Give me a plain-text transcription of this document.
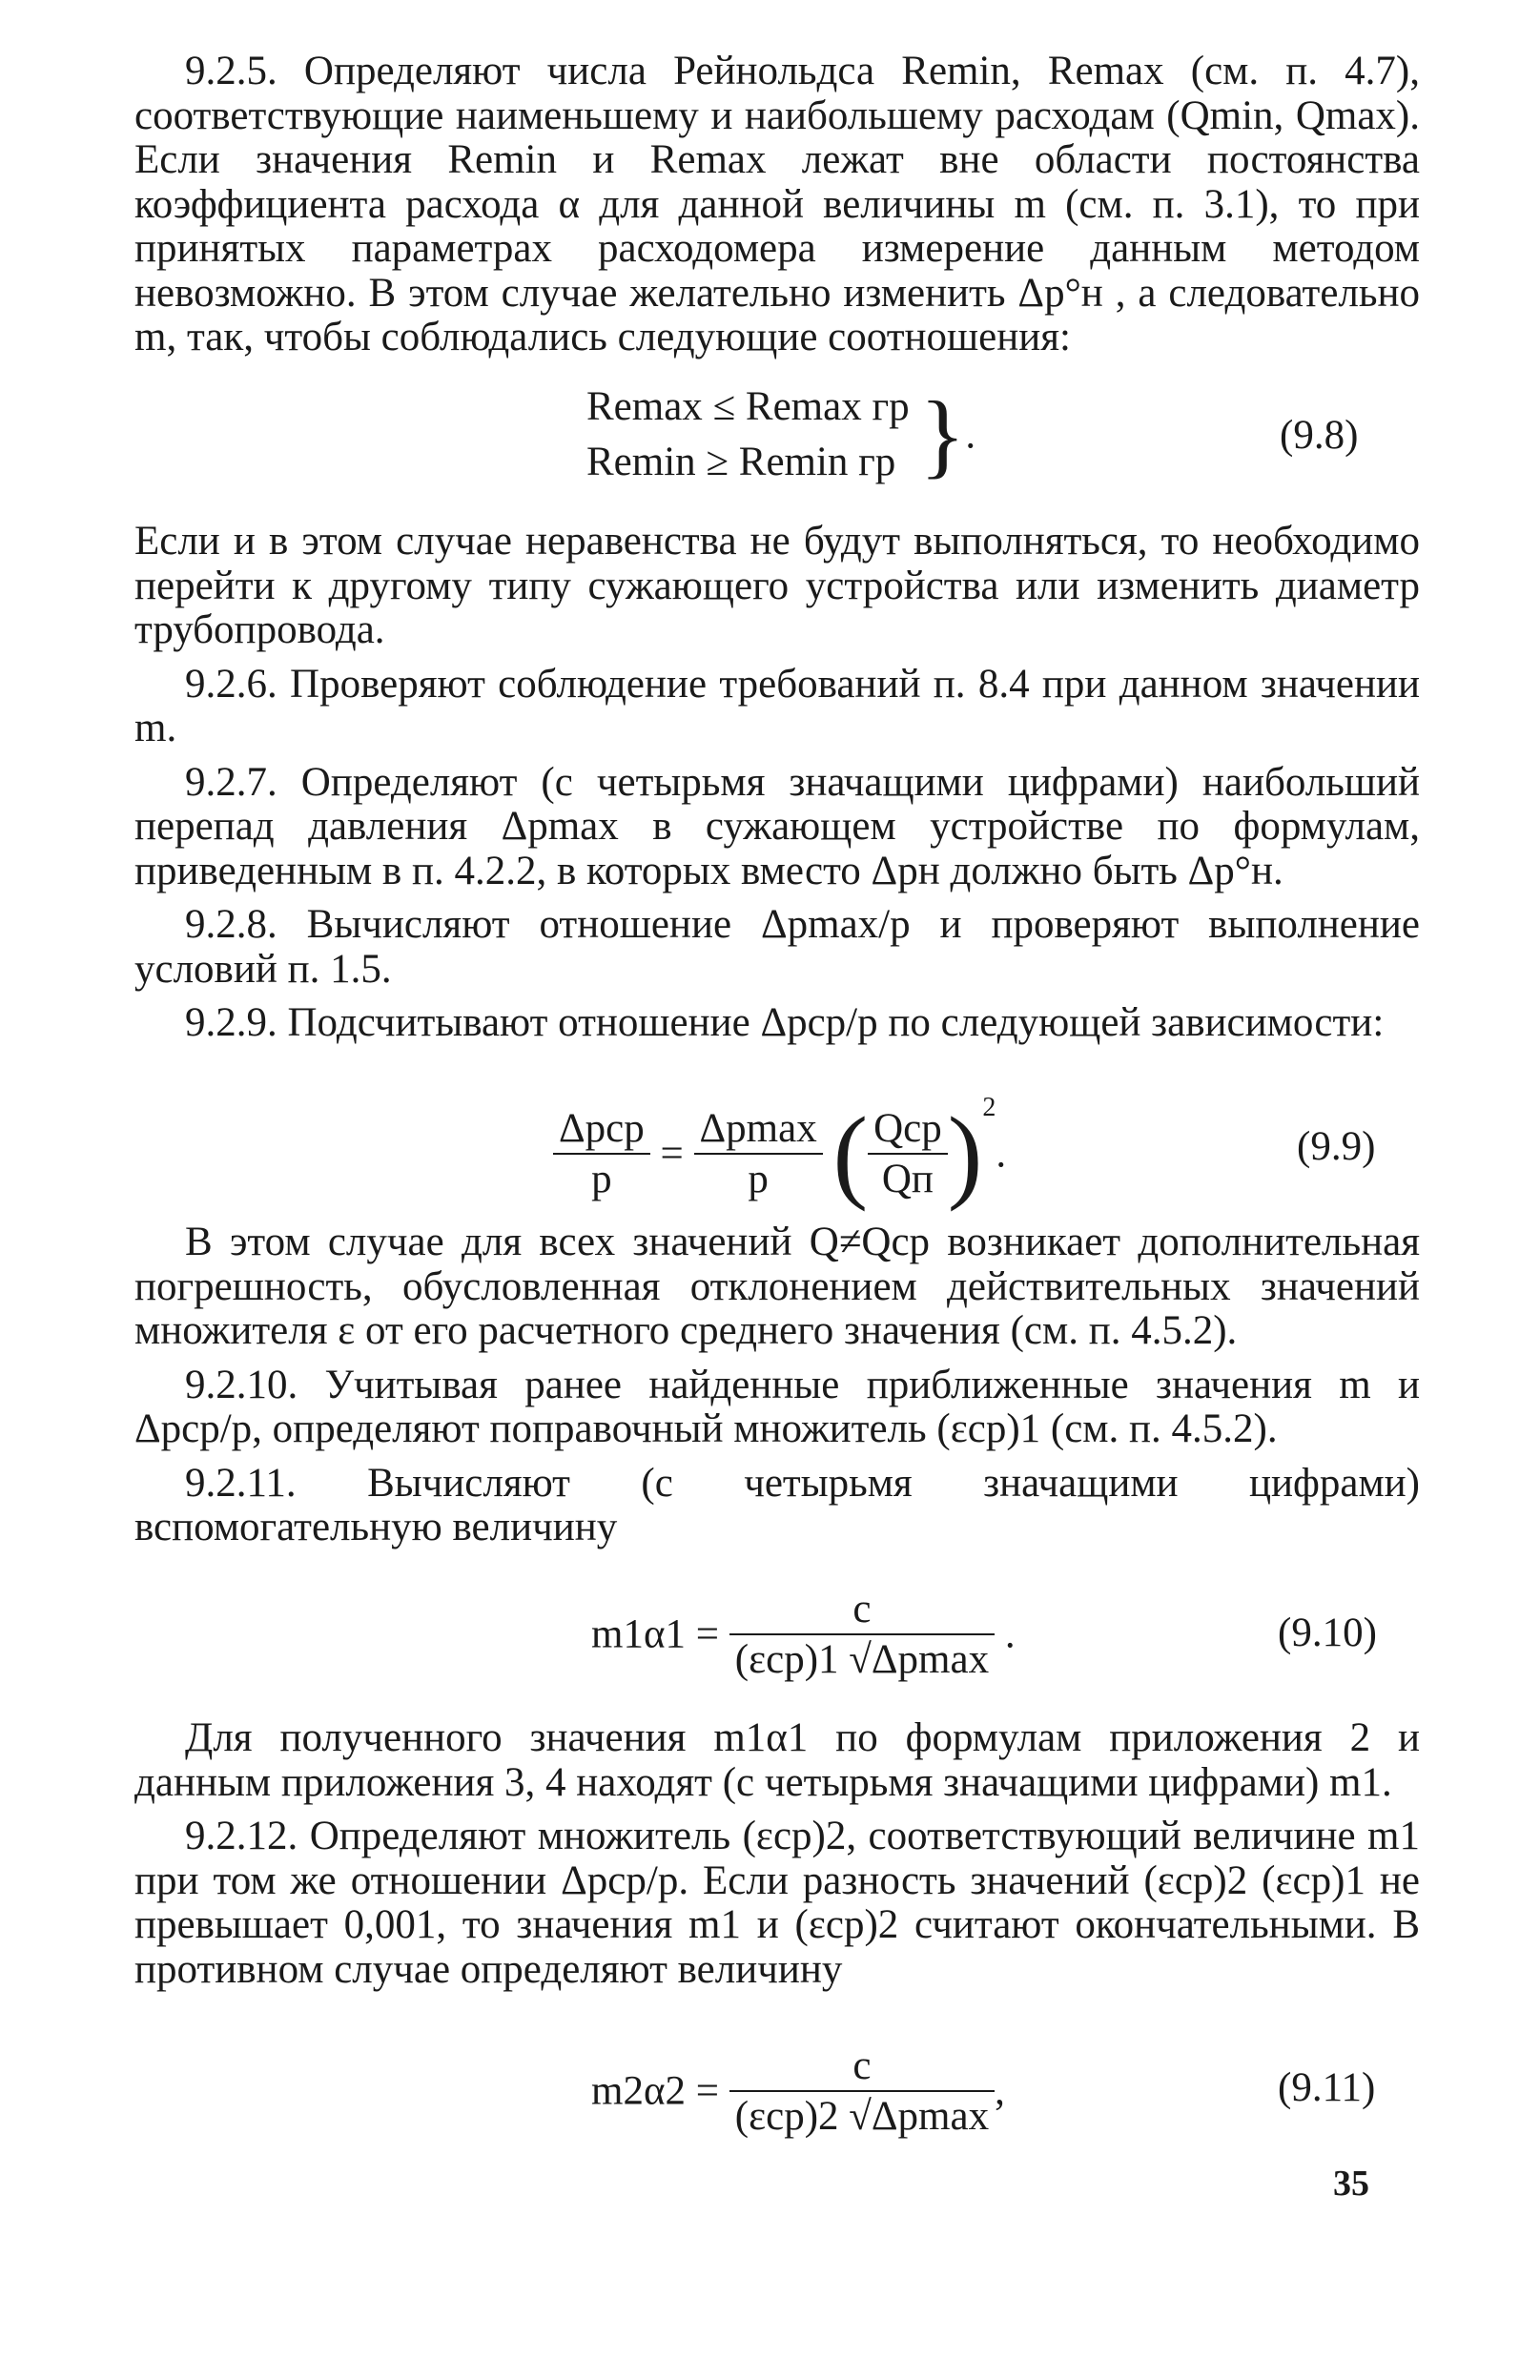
9.2.5. Определяют числа Рейнольдса Remin, Remax (см. п. 4.7), соответствующие наименьшему и наибольшему расходам (Qmin, Qmax). Если значения Remin и Remax лежат вне области постоянства коэффициента расхода α для данной величины m (см. п. 3.1), то при принятых параметрах расходомера измерение данным методом невозможно. В этом случае желательно изменить Δp°н , а следовательно m, так, чтобы соблюдались следующие соотношения:

Remax ≤ Remax гр
Remin ≥ Remin гр }.	(9.8)

Если и в этом случае неравенства не будут выполняться, то необходимо перейти к другому типу сужающего устройства или изменить диаметр трубопровода.

9.2.6. Проверяют соблюдение требований п. 8.4 при данном значении m.

9.2.7. Определяют (с четырьмя значащими цифрами) наибольший перепад давления Δpmax в сужающем устройстве по формулам, приведенным в п. 4.2.2, в которых вместо Δpн должно быть Δp°н.

9.2.8. Вычисляют отношение Δpmax/p и проверяют выполнение условий п. 1.5.

9.2.9. Подсчитывают отношение Δpср/p по следующей зависимости:

$\frac{\text{Δpср}}{p} = \frac{\Delta pmax}{p}$ ( $\frac{\text{Qср}}{Qп} )^2$.	(9.9)

В этом случае для всех значений Q≠Qср возникает дополнительная погрешность, обусловленная отклонением действительных значений множителя ε от его расчетного среднего значения (см. п. 4.5.2).

9.2.10. Учитывая ранее найденные приближенные значения m и Δpср/p, определяют поправочный множитель (εср)1 (см. п. 4.5.2).

9.2.11. Вычисляют (с четырьмя значащими цифрами) вспомогательную величину

$m1\alpha 1 = \frac{c}{\text{(εср)1 √Δpmax}}$ .	(9.10)

Для полученного значения m1α1 по формулам приложения 2 и данным приложения 3, 4 находят (с четырьмя значащими цифрами) m1.

9.2.12. Определяют множитель (εср)2, соответствующий величине m1 при том же отношении Δpср/p. Если разность значений (εср)2 (εср)1 не превышает 0,001, то значения m1 и (εср)2 считают окончательными. В противном случае определяют величину

$m2\alpha 2 = \frac{c}{\text{(εср)2 √Δpmax}}$ ,	(9.11)
35
